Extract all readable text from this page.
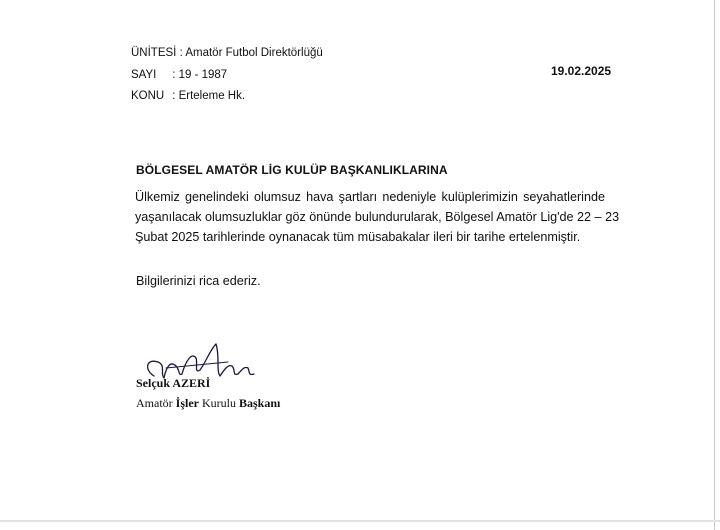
ÜNİTESİ : Amatör Futbol Direktörlüğü
SAYI : 19 - 1987
KONU : Erteleme Hk.
19.02.2025
BÖLGESEL AMATÖR LİG KULÜP BAŞKANLIKLARINA
Ülkemiz genelindeki olumsuz hava şartları nedeniyle kulüplerimizin seyahatlerinde
yaşanılacak olumsuzluklar göz önünde bulundurularak, Bölgesel Amatör Lig'de 22 – 23
Şubat 2025 tarihlerinde oynanacak tüm müsabakalar ileri bir tarihe ertelenmiştir.
Bilgilerinizi rica ederiz.
Selçuk AZERİ
Amatör İşler Kurulu Başkanı
